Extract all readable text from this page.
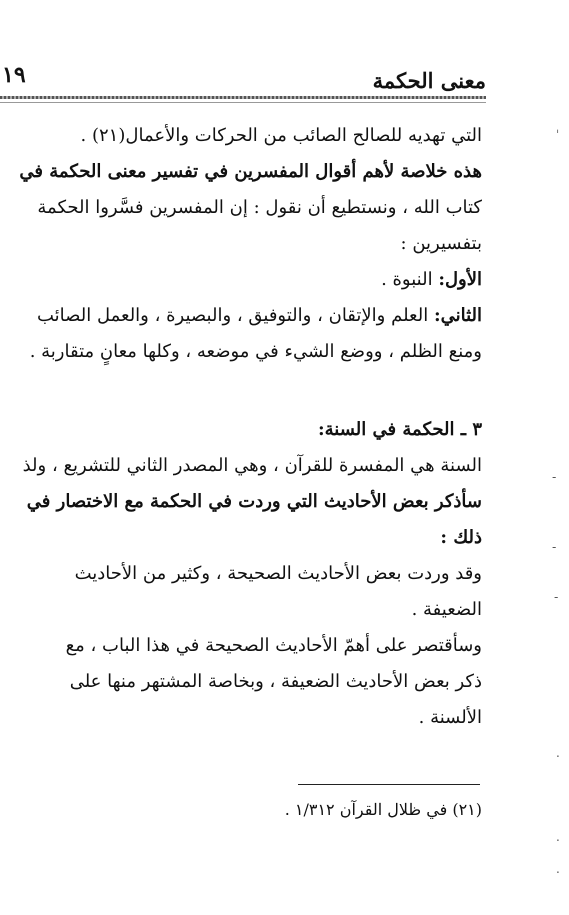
١٩	معنى الحكمة
التي تهديه للصالح الصائب من الحركات والأعمال(٢١) .
هذه خلاصة لأهم أقوال المفسرين في تفسير معنى الحكمة في
كتاب الله ، ونستطيع أن نقول : إن المفسرين فسَّروا الحكمة
بتفسيرين :
الأول: النبوة .
الثاني: العلم والإتقان ، والتوفيق ، والبصيرة ، والعمل الصائب
ومنع الظلم ، ووضع الشيء في موضعه ، وكلها معانٍ متقاربة .
٣ ـ الحكمة في السنة:
السنة هي المفسرة للقرآن ، وهي المصدر الثاني للتشريع ، ولذ
سأذكر بعض الأحاديث التي وردت في الحكمة مع الاختصار في
ذلك :
وقد وردت بعض الأحاديث الصحيحة ، وكثير من الأحاديث
الضعيفة .
وسأقتصر على أهمّ الأحاديث الصحيحة في هذا الباب ، مع
ذكر بعض الأحاديث الضعيفة ، وبخاصة المشتهر منها على
الألسنة .
(٢١) في ظلال القرآن ١/٣١٢ .
ˌ
-
-
-
.
.
.
